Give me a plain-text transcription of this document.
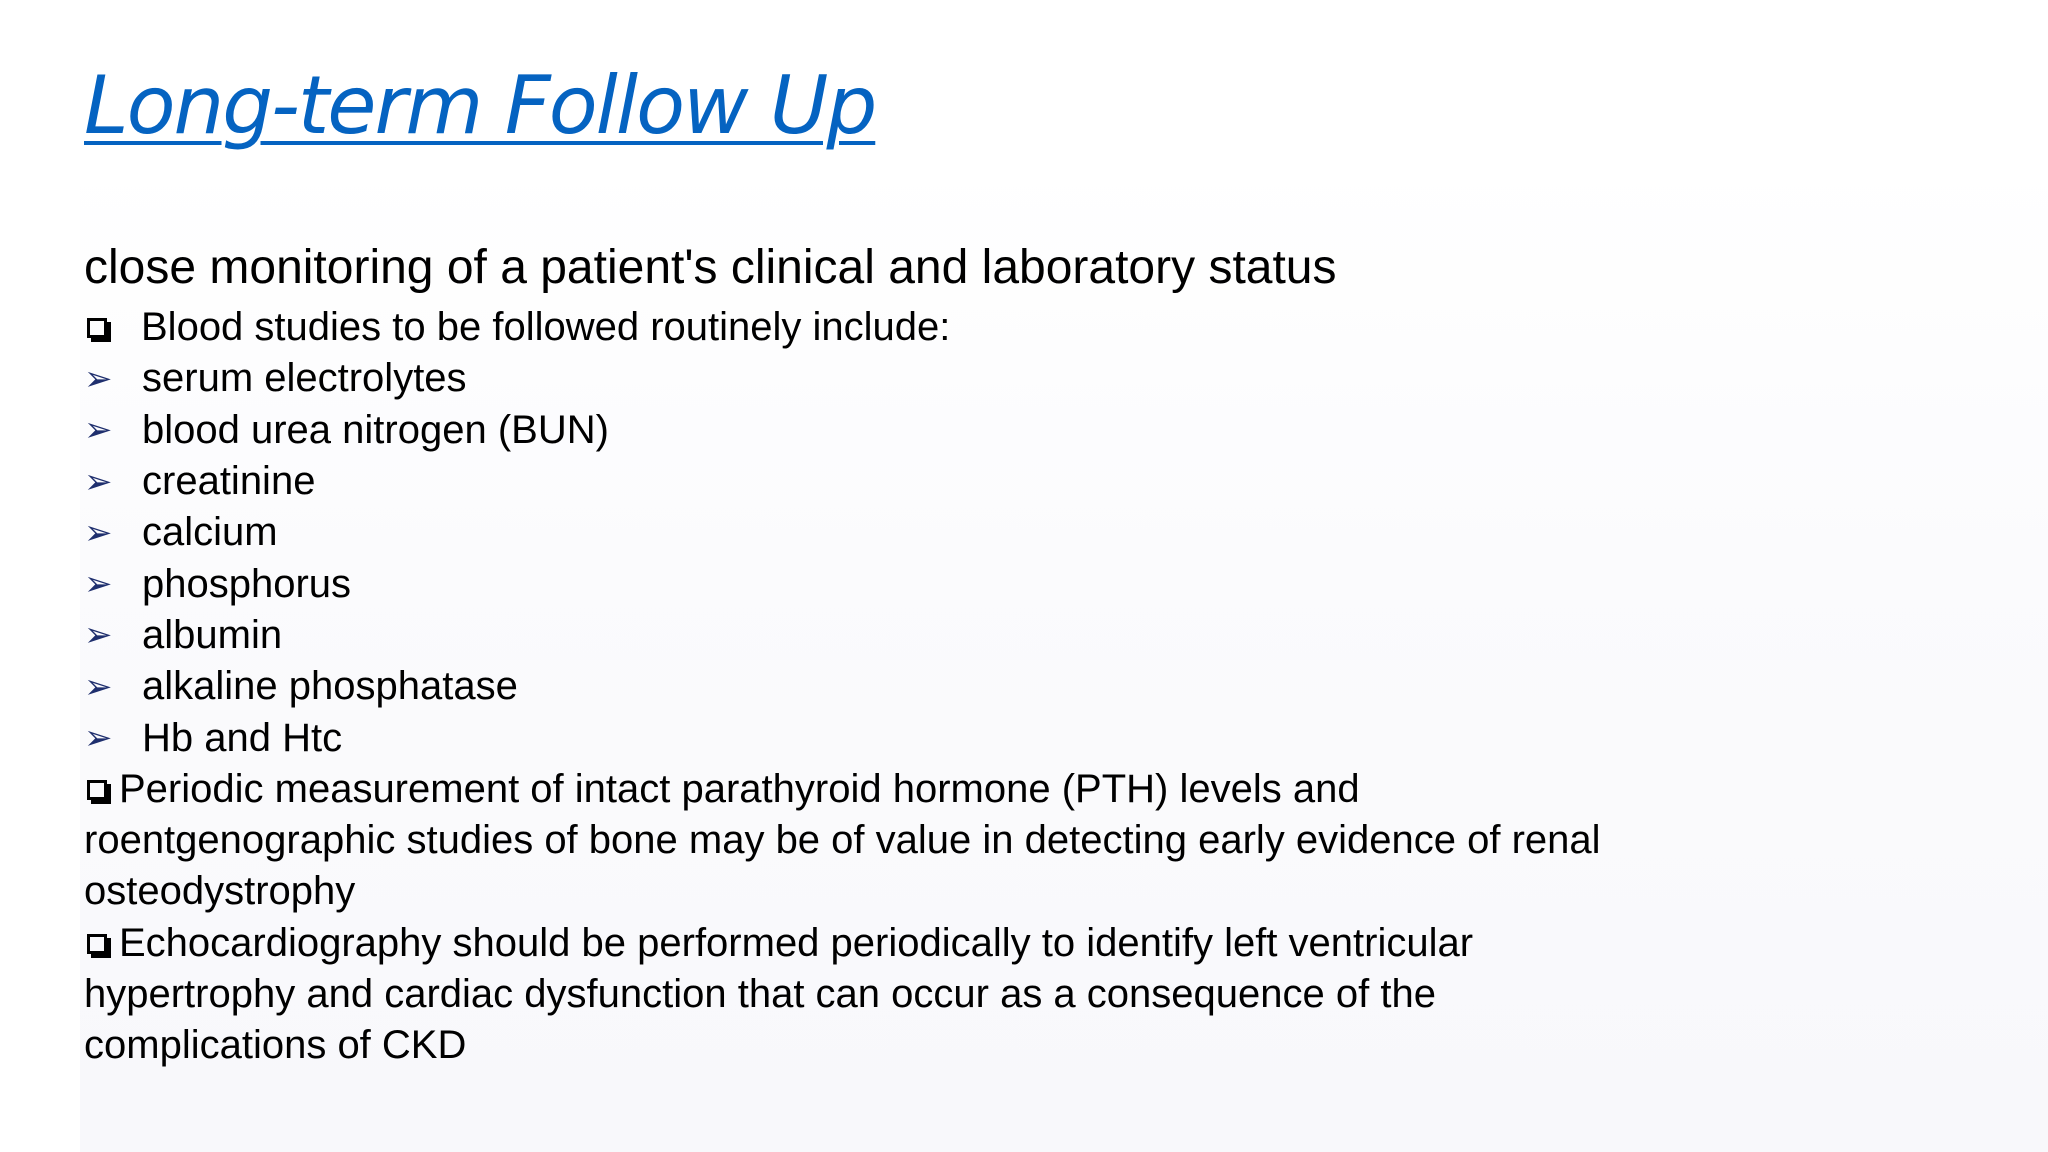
Long-term Follow Up

close monitoring of a patient's clinical and laboratory status

Blood studies to be followed routinely include:
➢ serum electrolytes
➢ blood urea nitrogen (BUN)
➢ creatinine
➢ calcium
➢ phosphorus
➢ albumin
➢ alkaline phosphatase
➢ Hb and Htc

Periodic measurement of intact parathyroid hormone (PTH) levels and roentgenographic studies of bone may be of value in detecting early evidence of renal osteodystrophy

Echocardiography should be performed periodically to identify left ventricular hypertrophy and cardiac dysfunction that can occur as a consequence of the complications of CKD
